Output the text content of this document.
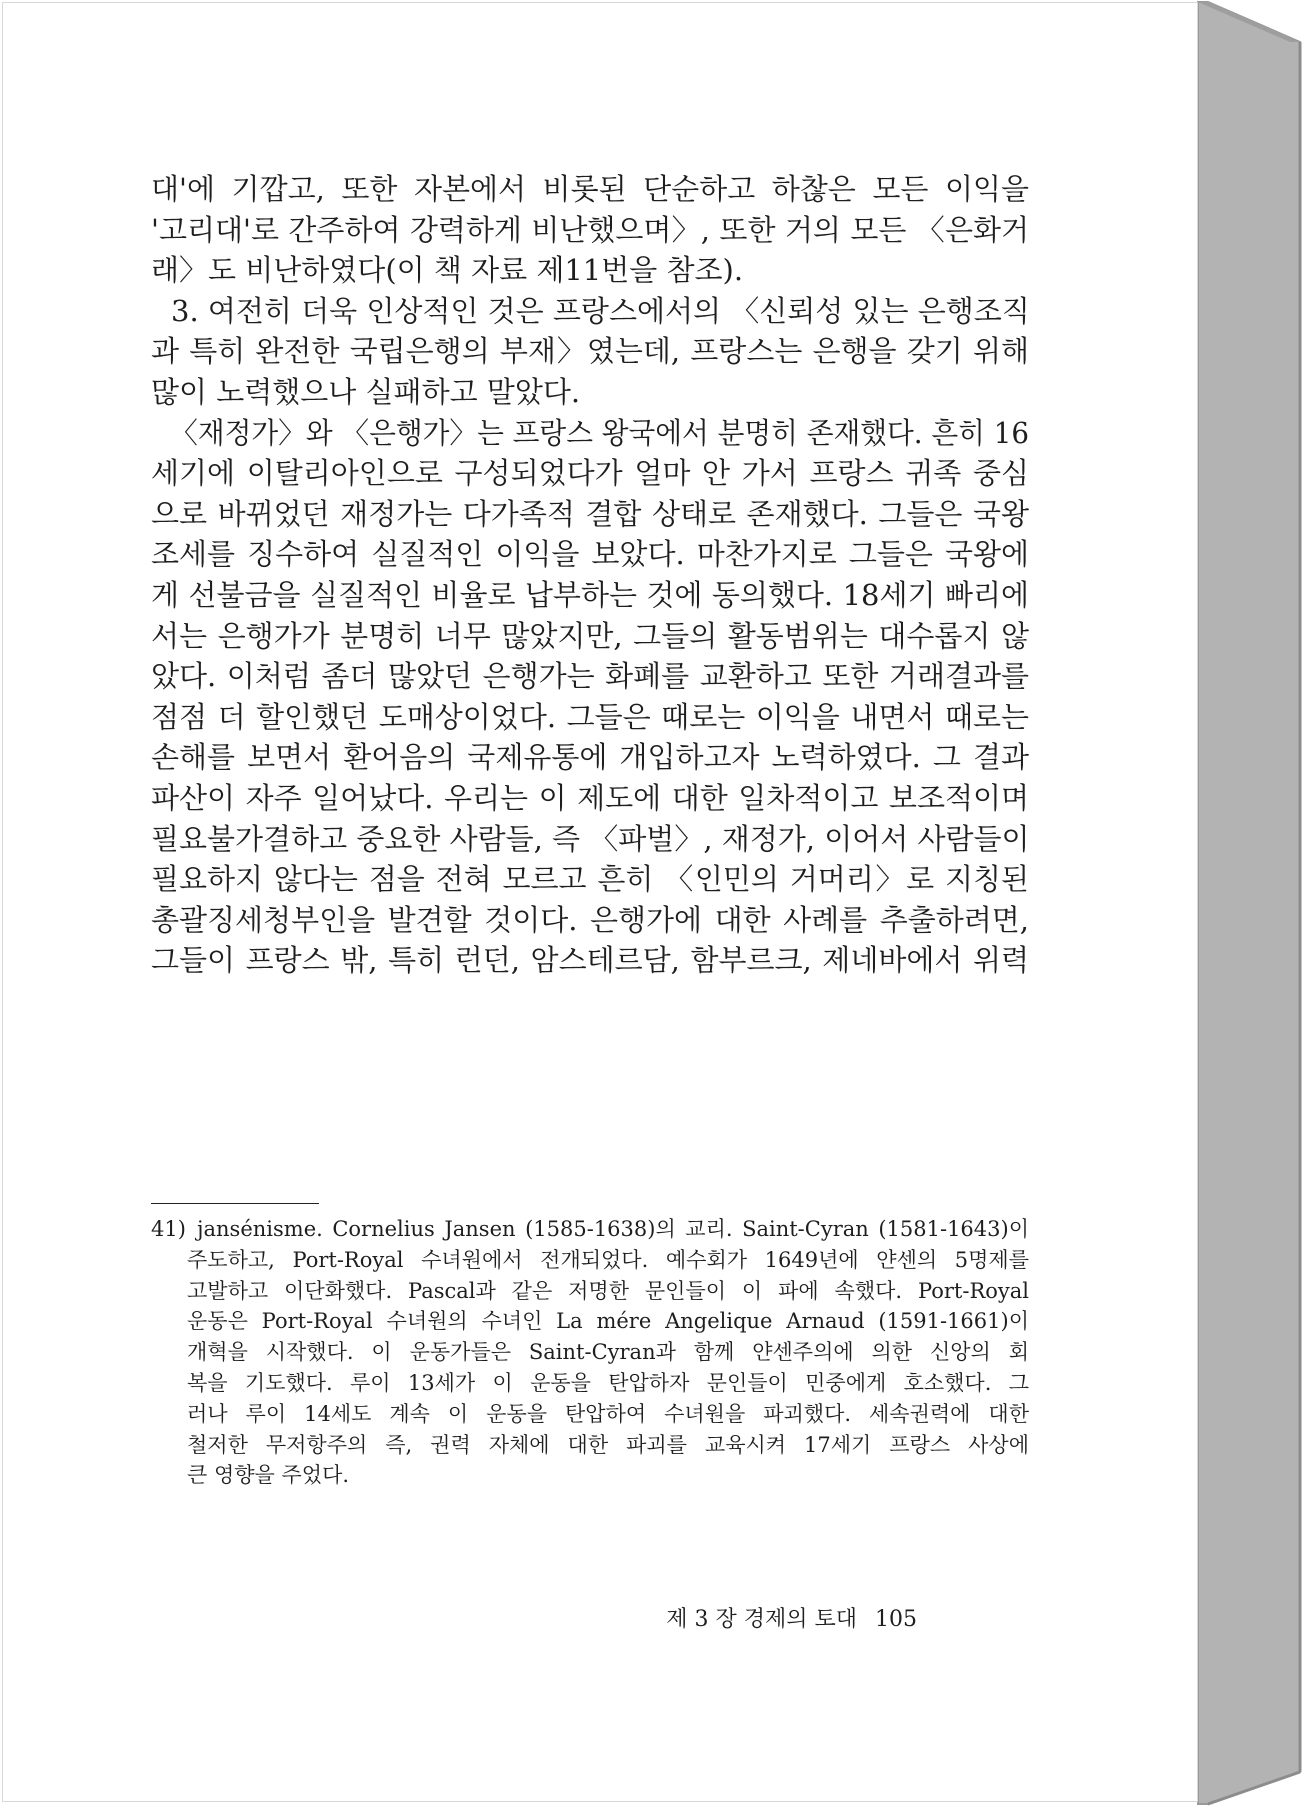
대'에 기깝고, 또한 자본에서 비롯된 단순하고 하찮은 모든 이익을
'고리대'로 간주하여 강력하게 비난했으며〉, 또한 거의 모든 〈은화거
래〉도 비난하였다(이 책 자료 제11번을 참조).
3. 여전히 더욱 인상적인 것은 프랑스에서의 〈신뢰성 있는 은행조직
과 특히 완전한 국립은행의 부재〉였는데, 프랑스는 은행을 갖기 위해
많이 노력했으나 실패하고 말았다.
〈재정가〉와 〈은행가〉는 프랑스 왕국에서 분명히 존재했다. 흔히 16
세기에 이탈리아인으로 구성되었다가 얼마 안 가서 프랑스 귀족 중심
으로 바뀌었던 재정가는 다가족적 결합 상태로 존재했다. 그들은 국왕
조세를 징수하여 실질적인 이익을 보았다. 마찬가지로 그들은 국왕에
게 선불금을 실질적인 비율로 납부하는 것에 동의했다. 18세기 빠리에
서는 은행가가 분명히 너무 많았지만, 그들의 활동범위는 대수롭지 않
았다. 이처럼 좀더 많았던 은행가는 화폐를 교환하고 또한 거래결과를
점점 더 할인했던 도매상이었다. 그들은 때로는 이익을 내면서 때로는
손해를 보면서 환어음의 국제유통에 개입하고자 노력하였다. 그 결과
파산이 자주 일어났다. 우리는 이 제도에 대한 일차적이고 보조적이며
필요불가결하고 중요한 사람들, 즉 〈파벌〉, 재정가, 이어서 사람들이
필요하지 않다는 점을 전혀 모르고 흔히 〈인민의 거머리〉로 지칭된
총괄징세청부인을 발견할 것이다. 은행가에 대한 사례를 추출하려면,
그들이 프랑스 밖, 특히 런던, 암스테르담, 함부르크, 제네바에서 위력
41) jansénisme. Cornelius Jansen (1585-1638)의 교리. Saint-Cyran (1581-1643)이
주도하고, Port-Royal 수녀원에서 전개되었다. 예수회가 1649년에 얀센의 5명제를
고발하고 이단화했다. Pascal과 같은 저명한 문인들이 이 파에 속했다. Port-Royal
운동은 Port-Royal 수녀원의 수녀인 La mére Angelique Arnaud (1591-1661)이
개혁을 시작했다. 이 운동가들은 Saint-Cyran과 함께 얀센주의에 의한 신앙의 회
복을 기도했다. 루이 13세가 이 운동을 탄압하자 문인들이 민중에게 호소했다. 그
러나 루이 14세도 계속 이 운동을 탄압하여 수녀원을 파괴했다. 세속권력에 대한
철저한 무저항주의 즉, 권력 자체에 대한 파괴를 교육시켜 17세기 프랑스 사상에
큰 영향을 주었다.
제 3 장 경제의 토대 105
